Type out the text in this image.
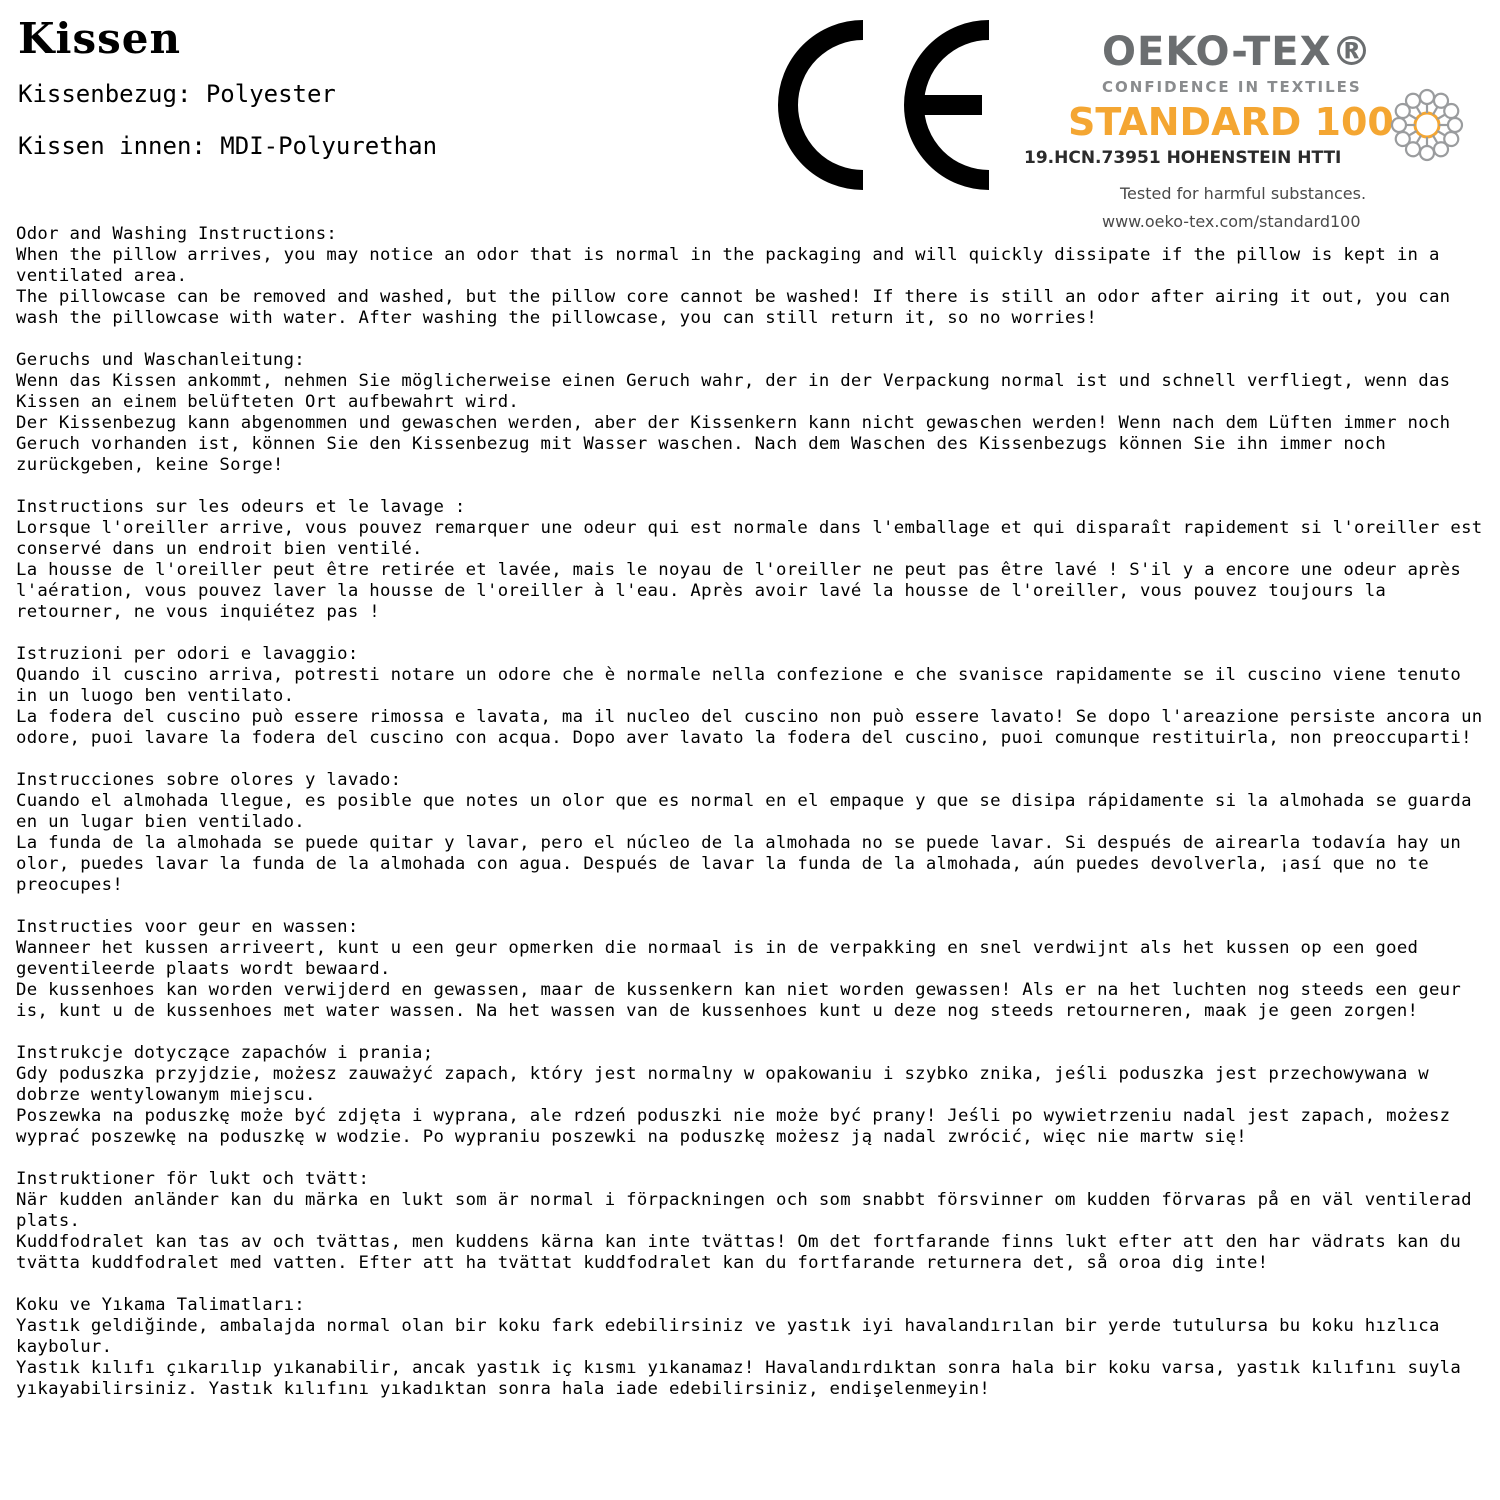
Kissen

Kissenbezug: Polyester

Kissen innen: MDI-Polyurethan

OEKO-TEX®
CONFIDENCE IN TEXTILES
STANDARD 100
19.HCN.73951 HOHENSTEIN HTTI
Tested for harmful substances.
www.oeko-tex.com/standard100

Odor and Washing Instructions:

When the pillow arrives, you may notice an odor that is normal in the packaging and will quickly dissipate if the pillow is kept in a ventilated area.

The pillowcase can be removed and washed, but the pillow core cannot be washed! If there is still an odor after airing it out, you can wash the pillowcase with water. After washing the pillowcase, you can still return it, so no worries!

Geruchs und Waschanleitung:

Wenn das Kissen ankommt, nehmen Sie möglicherweise einen Geruch wahr, der in der Verpackung normal ist und schnell verfliegt, wenn das Kissen an einem belüfteten Ort aufbewahrt wird.

Der Kissenbezug kann abgenommen und gewaschen werden, aber der Kissenkern kann nicht gewaschen werden! Wenn nach dem Lüften immer noch Geruch vorhanden ist, können Sie den Kissenbezug mit Wasser waschen. Nach dem Waschen des Kissenbezugs können Sie ihn immer noch zurückgeben, keine Sorge!

Instructions sur les odeurs et le lavage :

Lorsque l'oreiller arrive, vous pouvez remarquer une odeur qui est normale dans l'emballage et qui disparaît rapidement si l'oreiller est conservé dans un endroit bien ventilé.

La housse de l'oreiller peut être retirée et lavée, mais le noyau de l'oreiller ne peut pas être lavé ! S'il y a encore une odeur après l'aération, vous pouvez laver la housse de l'oreiller à l'eau. Après avoir lavé la housse de l'oreiller, vous pouvez toujours la retourner, ne vous inquiétez pas !

Istruzioni per odori e lavaggio:

Quando il cuscino arriva, potresti notare un odore che è normale nella confezione e che svanisce rapidamente se il cuscino viene tenuto in un luogo ben ventilato.

La fodera del cuscino può essere rimossa e lavata, ma il nucleo del cuscino non può essere lavato! Se dopo l'areazione persiste ancora un odore, puoi lavare la fodera del cuscino con acqua. Dopo aver lavato la fodera del cuscino, puoi comunque restituirla, non preoccuparti!

Instrucciones sobre olores y lavado:

Cuando el almohada llegue, es posible que notes un olor que es normal en el empaque y que se disipa rápidamente si la almohada se guarda en un lugar bien ventilado.

La funda de la almohada se puede quitar y lavar, pero el núcleo de la almohada no se puede lavar. Si después de airearla todavía hay un olor, puedes lavar la funda de la almohada con agua. Después de lavar la funda de la almohada, aún puedes devolverla, ¡así que no te preocupes!

Instructies voor geur en wassen:

Wanneer het kussen arriveert, kunt u een geur opmerken die normaal is in de verpakking en snel verdwijnt als het kussen op een goed geventileerde plaats wordt bewaard.

De kussenhoes kan worden verwijderd en gewassen, maar de kussenkern kan niet worden gewassen! Als er na het luchten nog steeds een geur is, kunt u de kussenhoes met water wassen. Na het wassen van de kussenhoes kunt u deze nog steeds retourneren, maak je geen zorgen!

Instrukcje dotyczące zapachów i prania;

Gdy poduszka przyjdzie, możesz zauważyć zapach, który jest normalny w opakowaniu i szybko znika, jeśli poduszka jest przechowywana w dobrze wentylowanym miejscu.

Poszewka na poduszkę może być zdjęta i wyprana, ale rdzeń poduszki nie może być prany! Jeśli po wywietrzeniu nadal jest zapach, możesz wyprać poszewkę na poduszkę w wodzie. Po wypraniu poszewki na poduszkę możesz ją nadal zwrócić, więc nie martw się!

Instruktioner för lukt och tvätt:

När kudden anländer kan du märka en lukt som är normal i förpackningen och som snabbt försvinner om kudden förvaras på en väl ventilerad plats.

Kuddfodralet kan tas av och tvättas, men kuddens kärna kan inte tvättas! Om det fortfarande finns lukt efter att den har vädrats kan du tvätta kuddfodralet med vatten. Efter att ha tvättat kuddfodralet kan du fortfarande returnera det, så oroa dig inte!

Koku ve Yıkama Talimatları:

Yastık geldiğinde, ambalajda normal olan bir koku fark edebilirsiniz ve yastık iyi havalandırılan bir yerde tutulursa bu koku hızlıca kaybolur.

Yastık kılıfı çıkarılıp yıkanabilir, ancak yastık iç kısmı yıkanamaz! Havalandırdıktan sonra hala bir koku varsa, yastık kılıfını suyla yıkayabilirsiniz. Yastık kılıfını yıkadıktan sonra hala iade edebilirsiniz, endişelenmeyin!
